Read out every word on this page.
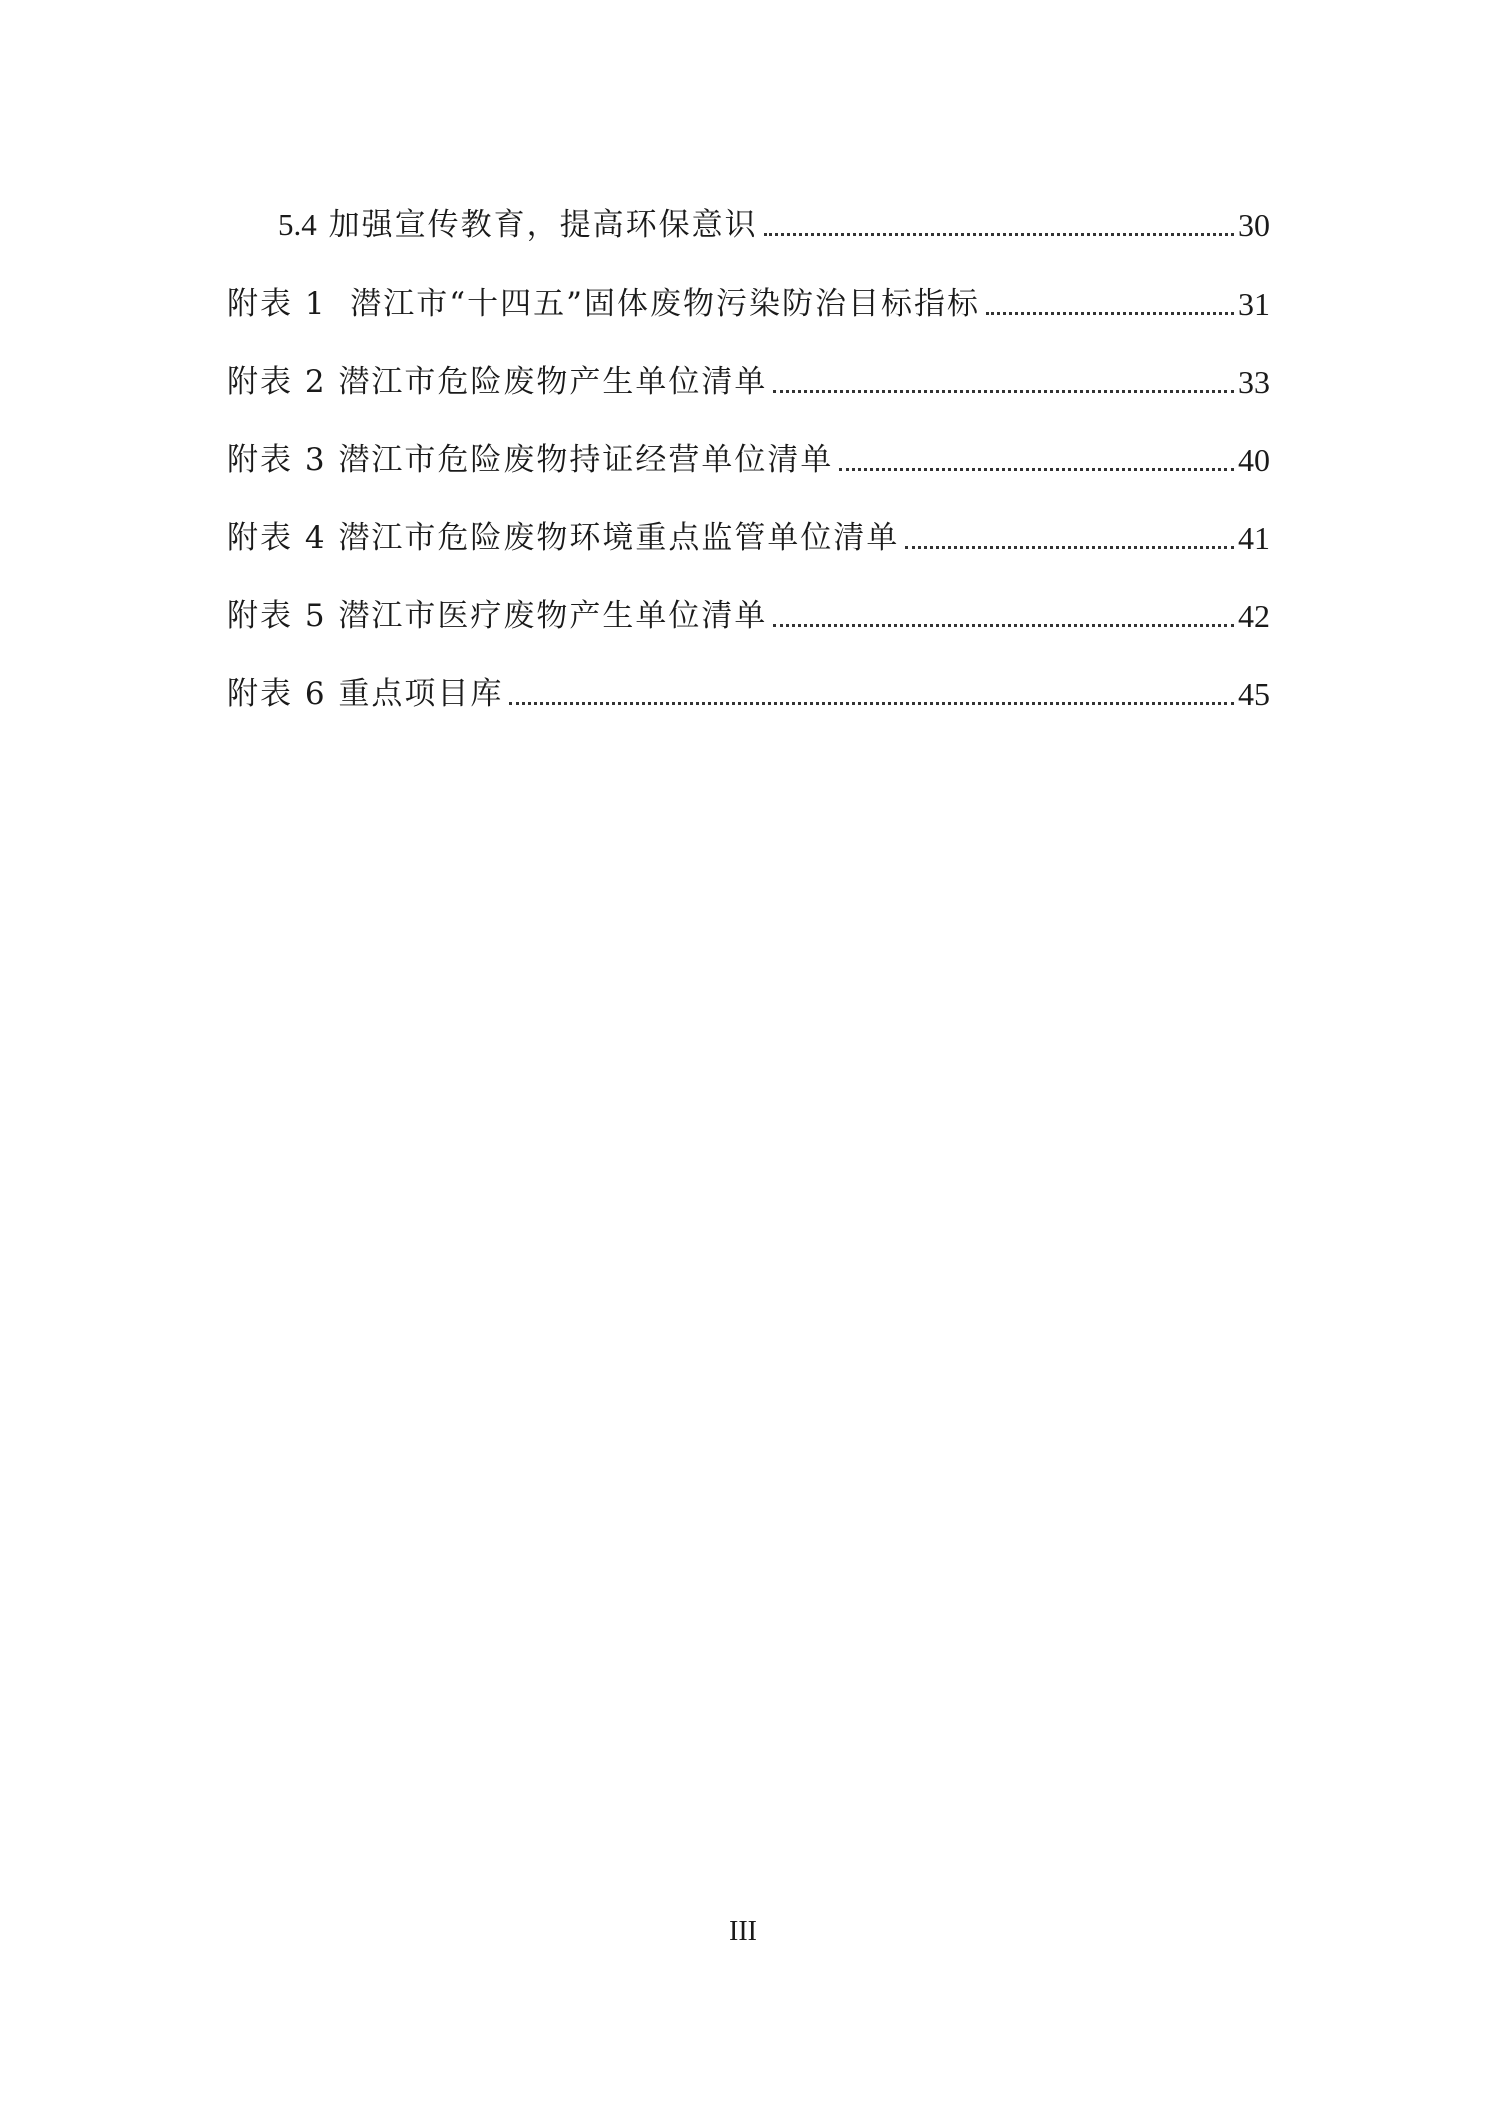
5.4 加强宣传教育，提高环保意识	30
附表 1 潜江市“十四五”固体废物污染防治目标指标	31
附表 2 潜江市危险废物产生单位清单	33
附表 3 潜江市危险废物持证经营单位清单	40
附表 4 潜江市危险废物环境重点监管单位清单	41
附表 5 潜江市医疗废物产生单位清单	42
附表 6 重点项目库	45
III
